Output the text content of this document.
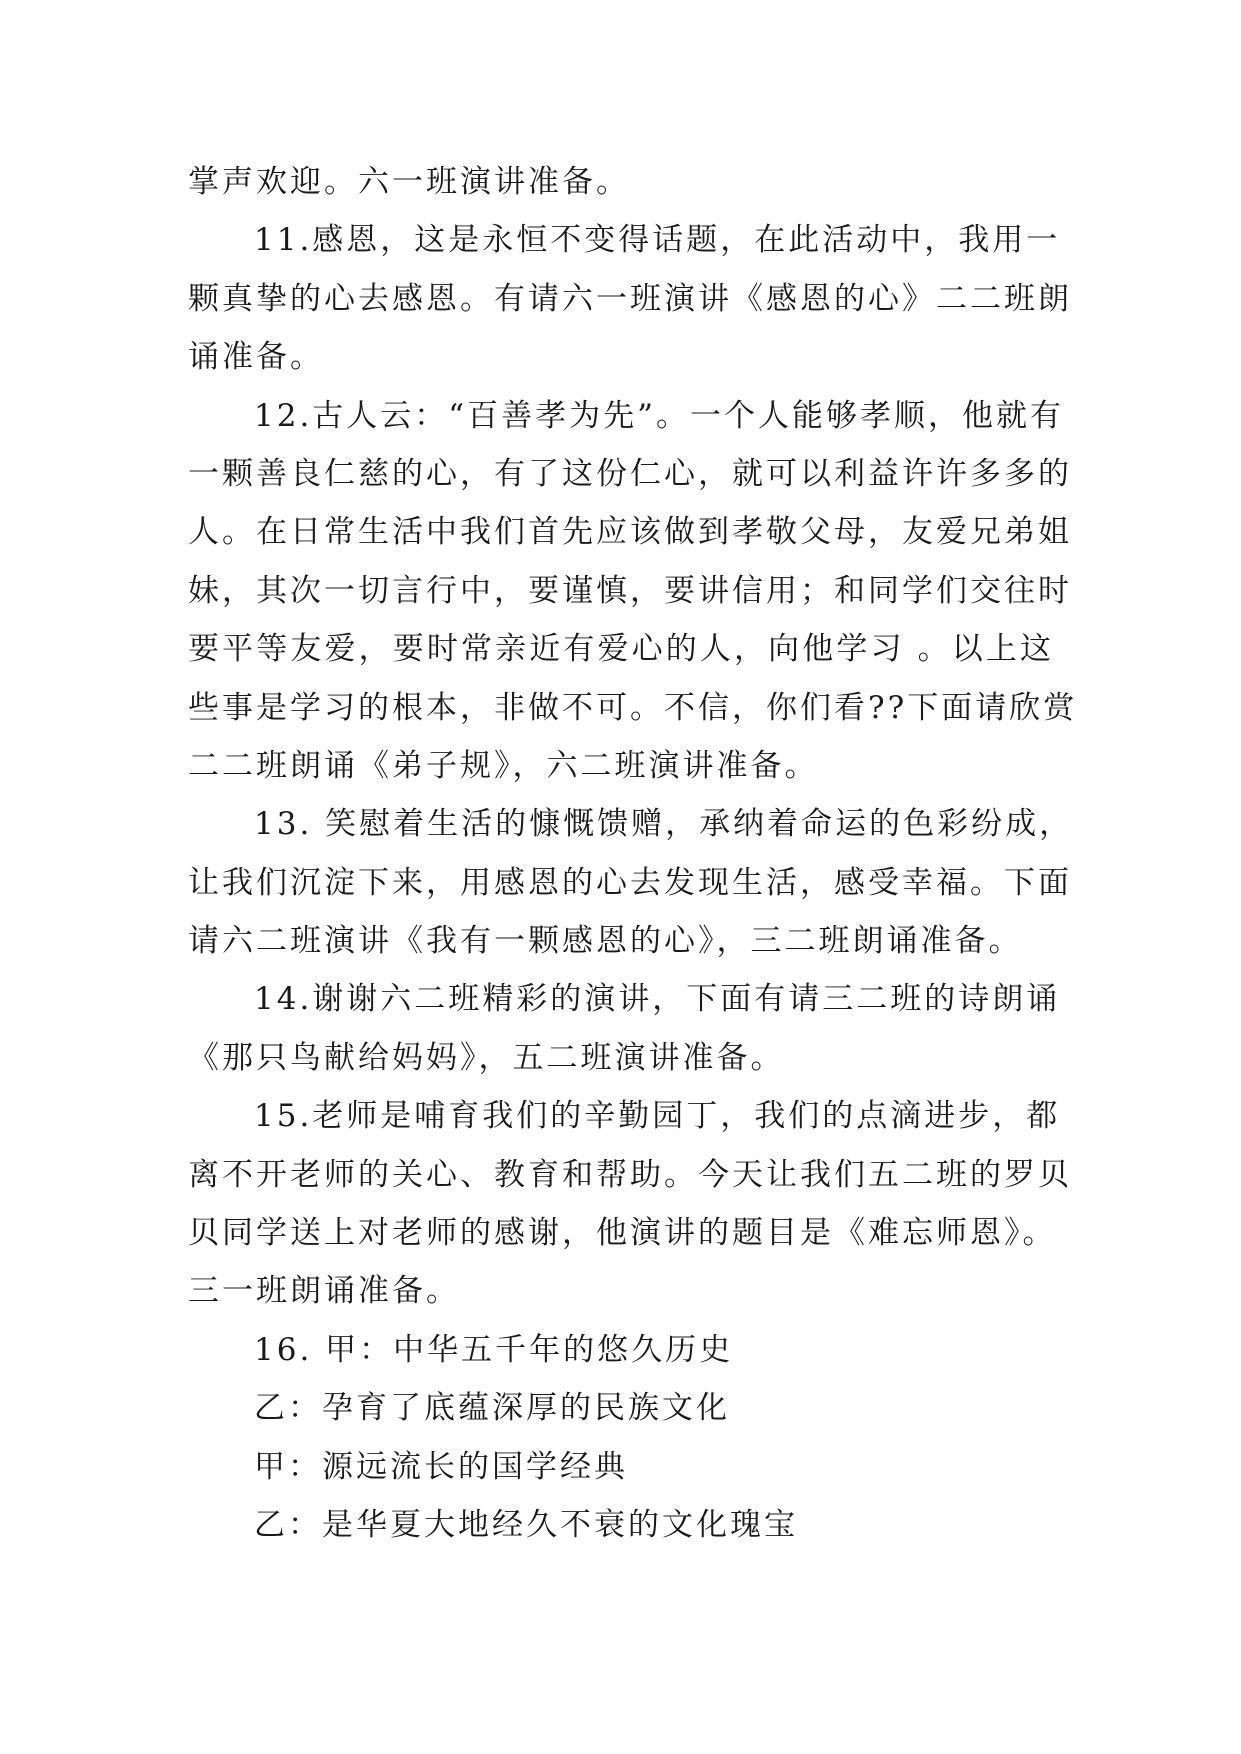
掌声欢迎。六一班演讲准备。
11.感恩，这是永恒不变得话题，在此活动中，我用一
颗真挚的心去感恩。有请六一班演讲《感恩的心》二二班朗
诵准备。
12.古人云：“百善孝为先”。一个人能够孝顺，他就有
一颗善良仁慈的心，有了这份仁心，就可以利益许许多多的
人。在日常生活中我们首先应该做到孝敬父母，友爱兄弟姐
妹，其次一切言行中，要谨慎，要讲信用；和同学们交往时
要平等友爱，要时常亲近有爱心的人，向他学习 。以上这
些事是学习的根本，非做不可。不信，你们看??下面请欣赏
二二班朗诵《弟子规》，六二班演讲准备。
13. 笑慰着生活的慷慨馈赠，承纳着命运的色彩纷成，
让我们沉淀下来，用感恩的心去发现生活，感受幸福。下面
请六二班演讲《我有一颗感恩的心》，三二班朗诵准备。
14.谢谢六二班精彩的演讲，下面有请三二班的诗朗诵
《那只鸟献给妈妈》，五二班演讲准备。
15.老师是哺育我们的辛勤园丁，我们的点滴进步，都
离不开老师的关心、教育和帮助。今天让我们五二班的罗贝
贝同学送上对老师的感谢，他演讲的题目是《难忘师恩》。
三一班朗诵准备。
16. 甲：中华五千年的悠久历史
乙：孕育了底蕴深厚的民族文化
甲：源远流长的国学经典
乙：是华夏大地经久不衰的文化瑰宝
